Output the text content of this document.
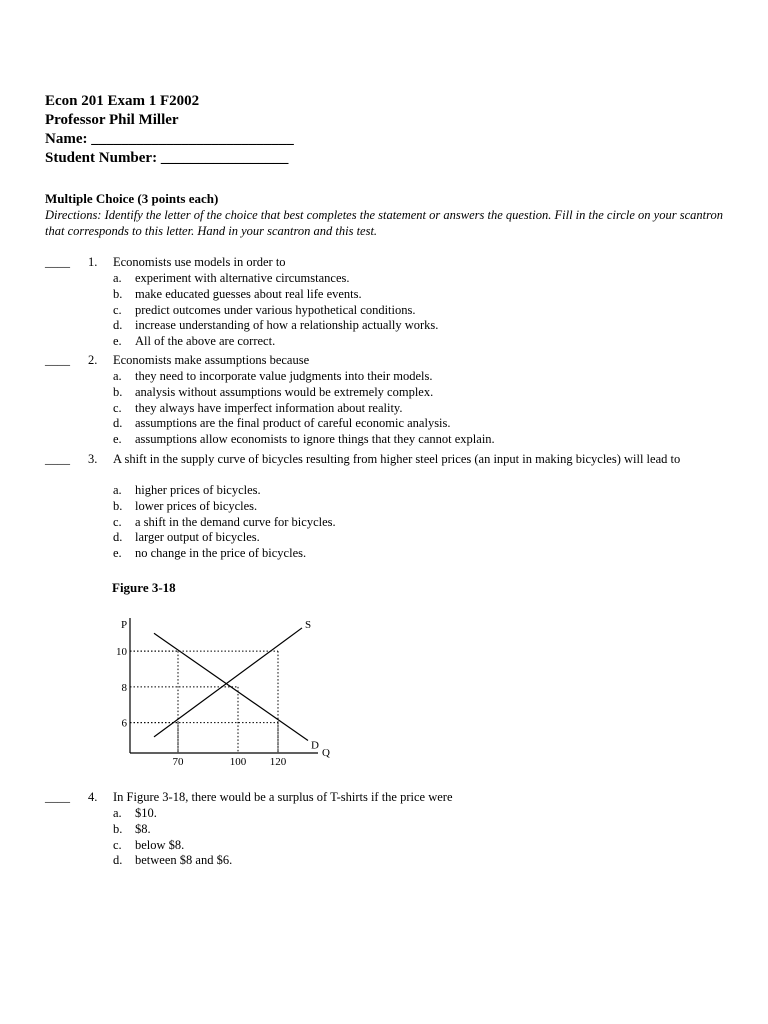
Econ 201 Exam 1 F2002
Professor Phil Miller
Name: ___________________________
Student Number: _________________
Multiple Choice (3 points each)
Directions: Identify the letter of the choice that best completes the statement or answers the question. Fill in the circle on your scantron that corresponds to this letter. Hand in your scantron and this test.
____ 1. Economists use models in order to
a. experiment with alternative circumstances.
b. make educated guesses about real life events.
c. predict outcomes under various hypothetical conditions.
d. increase understanding of how a relationship actually works.
e. All of the above are correct.
____ 2. Economists make assumptions because
a. they need to incorporate value judgments into their models.
b. analysis without assumptions would be extremely complex.
c. they always have imperfect information about reality.
d. assumptions are the final product of careful economic analysis.
e. assumptions allow economists to ignore things that they cannot explain.
____ 3. A shift in the supply curve of bicycles resulting from higher steel prices (an input in making bicycles) will lead to
a. higher prices of bicycles.
b. lower prices of bicycles.
c. a shift in the demand curve for bicycles.
d. larger output of bicycles.
e. no change in the price of bicycles.
Figure 3-18
S
D
6
8
10
70	100 120
P
Q
____ 4. In Figure 3-18, there would be a surplus of T-shirts if the price were
a. $10.
b. $8.
c. below $8.
d. between $8 and $6.
